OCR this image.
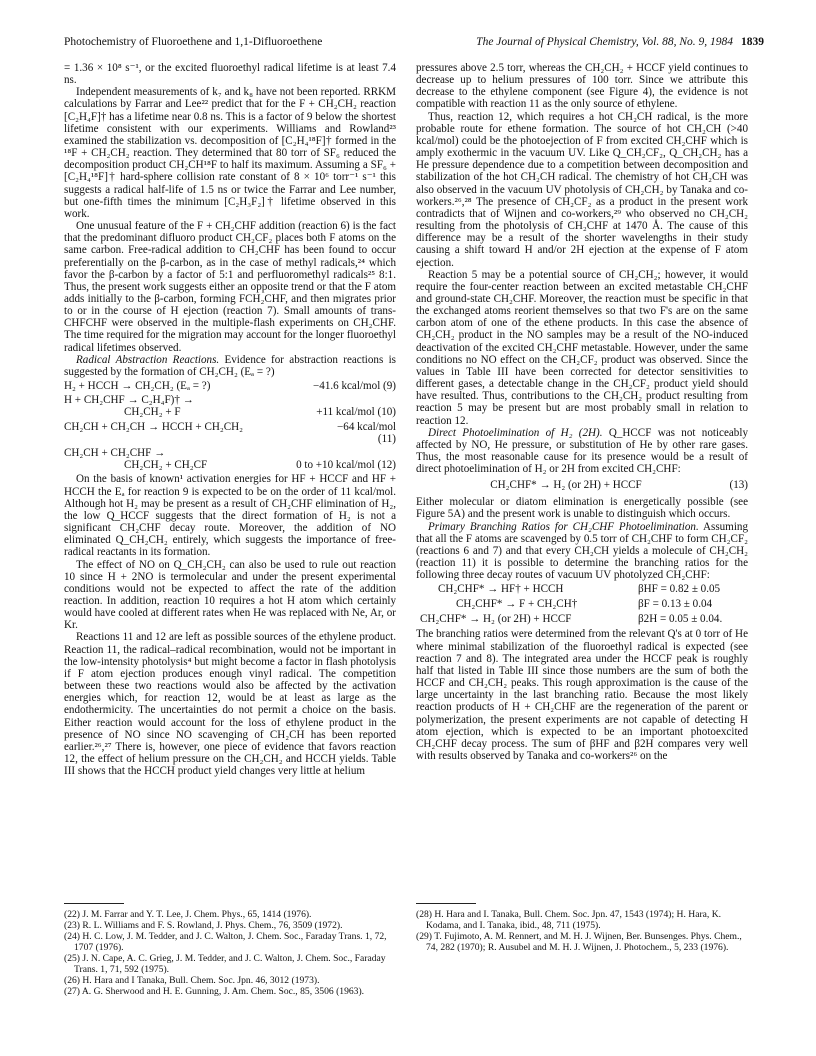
Photochemistry of Fluoroethene and 1,1-Difluoroethene	The Journal of Physical Chemistry, Vol. 88, No. 9, 1984 1839

= 1.36 × 10⁸ s⁻¹, or the excited fluoroethyl radical lifetime is at least 7.4 ns.

Independent measurements of k₇ and k₈ have not been reported. RRKM calculations by Farrar and Lee²² predict that for the F + CH₂CH₂ reaction [C₂H₄F]† has a lifetime near 0.8 ns. This is a factor of 9 below the shortest lifetime consistent with our experiments. Williams and Rowland²³ examined the stabilization vs. decomposition of [C₂H₄¹⁸F]† formed in the ¹⁸F + CH₂CH₂ reaction. They determined that 80 torr of SF₆ reduced the decomposition product CH₂CH¹⁸F to half its maximum. Assuming a SF₆ + [C₂H₄¹⁸F]† hard-sphere collision rate constant of 8 × 10⁶ torr⁻¹ s⁻¹ this suggests a radical half-life of 1.5 ns or twice the Farrar and Lee number, but one-fifth times the minimum [C₂H₃F₂]† lifetime observed in this work.

One unusual feature of the F + CH₂CHF addition (reaction 6) is the fact that the predominant difluoro product CH₂CF₂ places both F atoms on the same carbon. Free-radical addition to CH₂CHF has been found to occur preferentially on the β-carbon, as in the case of methyl radicals,²⁴ which favor the β-carbon by a factor of 5:1 and perfluoromethyl radicals²⁵ 8:1. Thus, the present work suggests either an opposite trend or that the F atom adds initially to the β-carbon, forming FCH₂CHF, and then migrates prior to or in the course of H ejection (reaction 7). Small amounts of trans-CHFCHF were observed in the multiple-flash experiments on CH₂CHF. The time required for the migration may account for the longer fluoroethyl radical lifetimes observed.

Radical Abstraction Reactions. Evidence for abstraction reactions is suggested by the formation of CH₂CH₂ (Eₐ = ?)

H₂ + HCCH → CH₂CH₂ (Eₐ = ?)	−41.6 kcal/mol (9)
H + CH₂CHF → C₂H₄F)† →
CH₂CH₂ + F	+11 kcal/mol (10)
CH₂CH + CH₂CH → HCCH + CH₂CH₂	−64 kcal/mol
(11)
CH₂CH + CH₂CHF →
CH₂CH₂ + CH₂CF	0 to +10 kcal/mol (12)

On the basis of known¹ activation energies for HF + HCCF and HF + HCCH the Eₐ for reaction 9 is expected to be on the order of 11 kcal/mol. Although hot H₂ may be present as a result of CH₂CHF elimination of H₂, the low Q_HCCF suggests that the direct formation of H₂ is not a significant CH₂CHF decay route. Moreover, the addition of NO eliminated Q_CH₂CH₂ entirely, which suggests the importance of free-radical reactants in its formation.

The effect of NO on Q_CH₂CH₂ can also be used to rule out reaction 10 since H + 2NO is termolecular and under the present experimental conditions would not be expected to affect the rate of the addition reaction. In addition, reaction 10 requires a hot H atom which certainly would have cooled at different rates when He was replaced with Ne, Ar, or Kr.

Reactions 11 and 12 are left as possible sources of the ethylene product. Reaction 11, the radical–radical recombination, would not be important in the low-intensity photolysis⁴ but might become a factor in flash photolysis if F atom ejection produces enough vinyl radical. The competition between these two reactions would also be affected by the activation energies which, for reaction 12, would be at least as large as the endothermicity. The uncertainties do not permit a choice on the basis. Either reaction would account for the loss of ethylene product in the presence of NO since NO scavenging of CH₂CH has been reported earlier.²⁶,²⁷ There is, however, one piece of evidence that favors reaction 12, the effect of helium pressure on the CH₂CH₂ and HCCH yields. Table III shows that the HCCH product yield changes very little at helium

pressures above 2.5 torr, whereas the CH₂CH₂ + HCCF yield continues to decrease up to helium pressures of 100 torr. Since we attribute this decrease to the ethylene component (see Figure 4), the evidence is not compatible with reaction 11 as the only source of ethylene.

Thus, reaction 12, which requires a hot CH₂CH radical, is the more probable route for ethene formation. The source of hot CH₂CH (>40 kcal/mol) could be the photoejection of F from excited CH₂CHF which is amply exothermic in the vacuum UV. Like Q_CH₂CF₂, Q_CH₂CH₂ has a He pressure dependence due to a competition between decomposition and stabilization of the hot CH₂CH radical. The chemistry of hot CH₂CH was also observed in the vacuum UV photolysis of CH₂CH₂ by Tanaka and co-workers.²⁶,²⁸ The presence of CH₂CF₂ as a product in the present work contradicts that of Wijnen and co-workers,²⁹ who observed no CH₂CH₂ resulting from the photolysis of CH₂CHF at 1470 Å. The cause of this difference may be a result of the shorter wavelengths in their study causing a shift toward H and/or 2H ejection at the expense of F atom ejection.

Reaction 5 may be a potential source of CH₂CH₂; however, it would require the four-center reaction between an excited metastable CH₂CHF and ground-state CH₂CHF. Moreover, the reaction must be specific in that the exchanged atoms reorient themselves so that two F's are on the same carbon atom of one of the ethene products. In this case the absence of CH₂CH₂ product in the NO samples may be a result of the NO-induced deactivation of the excited CH₂CHF metastable. However, under the same conditions no NO effect on the CH₂CF₂ product was observed. Since the values in Table III have been corrected for detector sensitivities to different gases, a detectable change in the CH₂CF₂ product yield should have resulted. Thus, contributions to the CH₂CH₂ product resulting from reaction 5 may be present but are most probably small in relation to reaction 12.

Direct Photoelimination of H₂ (2H). Q_HCCF was not noticeably affected by NO, He pressure, or substitution of He by other rare gases. Thus, the most reasonable cause for its presence would be a result of direct photoelimination of H₂ or 2H from excited CH₂CHF:

CH₂CHF* → H₂ (or 2H) + HCCF	(13)

Either molecular or diatom elimination is energetically possible (see Figure 5A) and the present work is unable to distinguish which occurs.

Primary Branching Ratios for CH₂CHF Photoelimination. Assuming that all the F atoms are scavenged by 0.5 torr of CH₂CHF to form CH₂CF₂ (reactions 6 and 7) and that every CH₂CH yields a molecule of CH₂CH₂ (reaction 11) it is possible to determine the branching ratios for the following three decay routes of vacuum UV photolyzed CH₂CHF:

CH₂CHF* → HF† + HCCH	βHF = 0.82 ± 0.05
CH₂CHF* → F + CH₂CH†	βF = 0.13 ± 0.04
CH₂CHF* → H₂ (or 2H) + HCCF	β2H = 0.05 ± 0.04.

The branching ratios were determined from the relevant Q's at 0 torr of He where minimal stabilization of the fluoroethyl radical is expected (see reaction 7 and 8). The integrated area under the HCCF peak is roughly half that listed in Table III since those numbers are the sum of both the HCCF and CH₂CH₂ peaks. This rough approximation is the cause of the large uncertainty in the last branching ratio. Because the most likely reaction products of H + CH₂CHF are the regeneration of the parent or polymerization, the present experiments are not capable of detecting H atom ejection, which is expected to be an important photoexcited CH₂CHF decay process. The sum of βHF and β2H compares very well with results observed by Tanaka and co-workers²⁶ on the

(22) J. M. Farrar and Y. T. Lee, J. Chem. Phys., 65, 1414 (1976).

(23) R. L. Williams and F. S. Rowland, J. Phys. Chem., 76, 3509 (1972).

(24) H. C. Low, J. M. Tedder, and J. C. Walton, J. Chem. Soc., Faraday Trans. 1, 72, 1707 (1976).

(25) J. N. Cape, A. C. Grieg, J. M. Tedder, and J. C. Walton, J. Chem. Soc., Faraday Trans. 1, 71, 592 (1975).

(26) H. Hara and I Tanaka, Bull. Chem. Soc. Jpn. 46, 3012 (1973).

(27) A. G. Sherwood and H. E. Gunning, J. Am. Chem. Soc., 85, 3506 (1963).

(28) H. Hara and I. Tanaka, Bull. Chem. Soc. Jpn. 47, 1543 (1974); H. Hara, K. Kodama, and I. Tanaka, ibid., 48, 711 (1975).

(29) T. Fujimoto, A. M. Rennert, and M. H. J. Wijnen, Ber. Bunsenges. Phys. Chem., 74, 282 (1970); R. Ausubel and M. H. J. Wijnen, J. Photochem., 5, 233 (1976).
